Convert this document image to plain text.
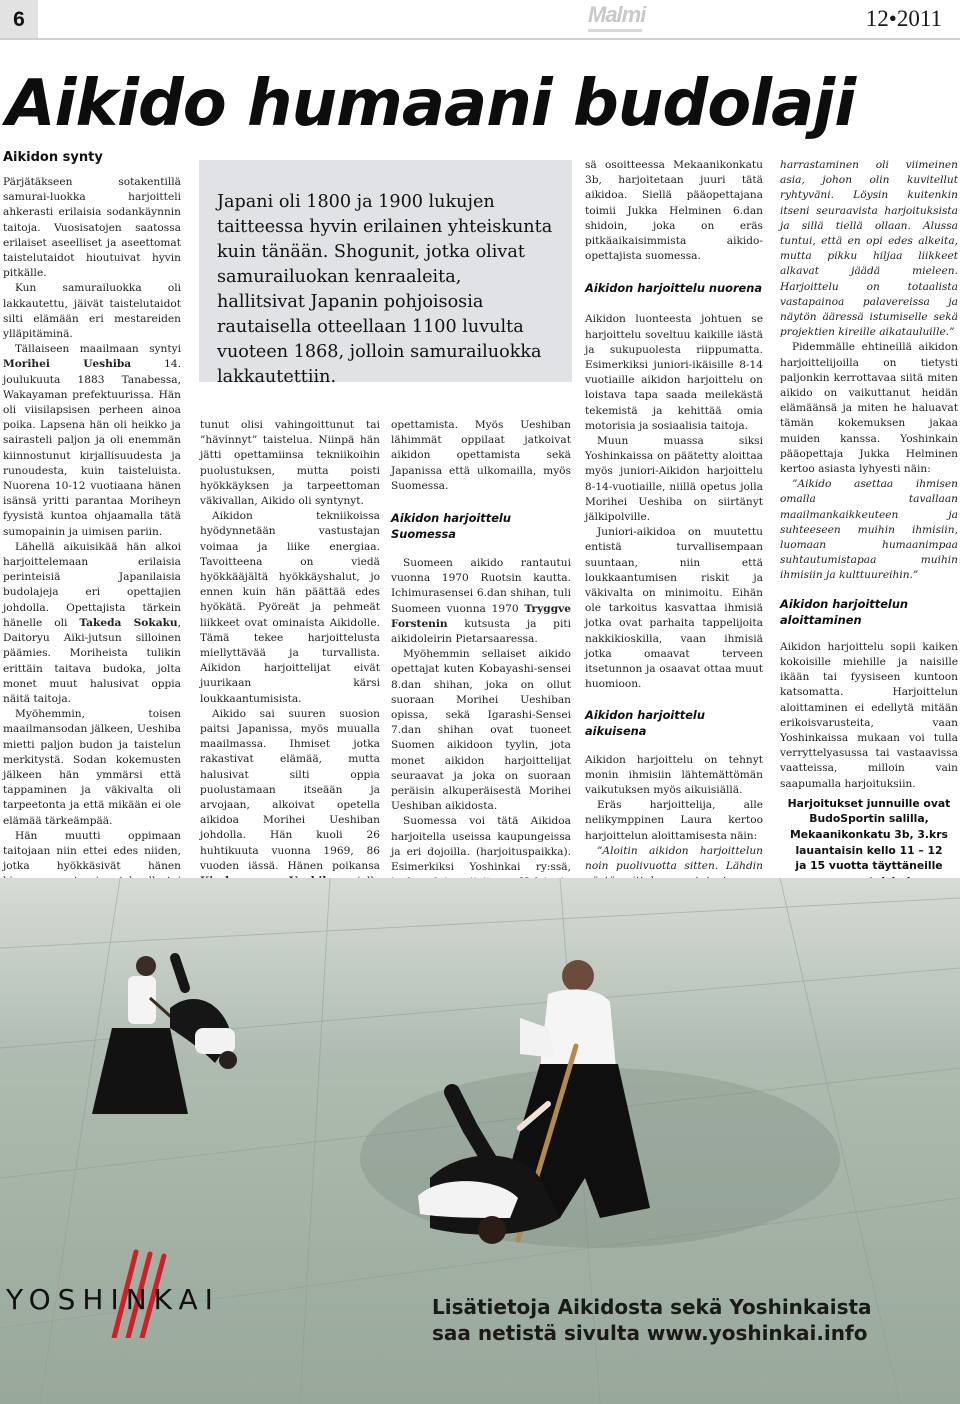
6	Malmi	12•2011
Aikido humaani budolaji
Aikidon synty

Pärjätäkseen sotakentillä samurai-luokka harjoitteli ahkerasti erilaisia sodankäynnin taitoja. Vuosisatojen saatossa erilaiset aseelliset ja aseettomat taistelutaidot hioutuivat hyvin pitkälle.

Kun samurailuokka oli lakkautettu, jäivät taistelutaidot silti elämään eri mestareiden ylläpitäminä.

Tällaiseen maailmaan syntyi Morihei Ueshiba 14. joulukuuta 1883 Tanabessa, Wakayaman prefektuurissa. Hän oli viisilapsisen perheen ainoa poika. Lapsena hän oli heikko ja sairasteli paljon ja oli enemmän kiinnostunut kirjallisuudesta ja runoudesta, kuin taisteluista. Nuorena 10-12 vuotiaana hänen isänsä yritti parantaa Moriheyn fyysistä kuntoa ohjaamalla tätä sumopainin ja uimisen pariin.

Lähellä aikuisikää hän alkoi harjoittelemaan erilaisia perinteisiä Japanilaisia budolajeja eri opettajien johdolla. Opettajista tärkein hänelle oli Takeda Sokaku, Daitoryu Aiki-jutsun silloinen päämies. Moriheista tulikin erittäin taitava budoka, jolta monet muut halusivat oppia näitä taitoja.

Myöhemmin, toisen maailmansodan jälkeen, Ueshiba mietti paljon budon ja taistelun merkitystä. Sodan kokemusten jälkeen hän ymmärsi että tappaminen ja väkivalta oli tarpeetonta ja että mikään ei ole elämää tärkeämpää.

Hän muutti oppimaan taitojaan niin ettei edes niiden, jotka hyökkäsivät hänen

Japani oli 1800 ja 1900 lukujen taitteessa hyvin erilainen yhteiskunta kuin tänään. Shogunit, jotka olivat samurailuokan kenraaleita, hallitsivat Japanin pohjoisosia rautaisella otteellaan 1100 luvulta vuoteen 1868, jolloin samurailuokka lakkautettiin.

tunut olisi vahingoittunut tai ”hävinnyt” taistelua. Niinpä hän jätti opettamiinsa tekniikoihin puolustuksen, mutta poisti hyökkäyksen ja tarpeettoman väkivallan, Aikido oli syntynyt.

Aikidon tekniikoissa hyödynnetään vastustajan voimaa ja liike energiaa. Tavoitteena on viedä hyökkääjältä hyökkäyshalut, jo ennen kuin hän päättää edes hyökätä. Pyöreät ja pehmeät liikkeet ovat ominaista Aikidolle. Tämä tekee harjoittelusta miellyttävää ja turvallista. Aikidon harjoittelijat eivät juurikaan kärsi loukkaantumisista.

Aikido sai suuren suosion paitsi Japanissa, myös muualla maailmassa. Ihmiset jotka rakastivat elämää, mutta halusivat silti oppia puolustamaan itseään ja arvojaan, alkoivat opetella aikidoa Morihei Ueshiban johdolla. Hän kuoli 26 huhtikuuta vuonna 1969, 86 vuoden iässä. Hänen poikansa

opettamista. Myös Ueshiban lähimmät oppilaat jatkoivat aikidon opettamista sekä Japanissa että ulkomailla, myös Suomessa.

Aikidon harjoittelu Suomessa

Suomeen aikido rantautui vuonna 1970 Ruotsin kautta. Ichimurasensei 6.dan shihan, tuli Suomeen vuonna 1970 Tryggve Forstenin kutsusta ja piti aikidoleirin Pietarsaaressa.

Myöhemmin sellaiset aikido opettajat kuten Kobayashi-sensei 8.dan shihan, joka on ollut suoraan Morihei Ueshiban opissa, sekä Igarashi-Sensei 7.dan shihan ovat tuoneet Suomen aikidoon tyylin, jota monet aikidon harjoittelijat seuraavat ja joka on suoraan peräisin alkuperäisestä Morihei Ueshiban aikidosta.

Suomessa voi tätä Aikidoa harjoitella useissa kaupungeissa ja eri dojoilla. (harjoituspaikka). Esimerkiksi Yoshinkai ry:ssä,

sä osoitteessa Mekaanikonkatu 3b, harjoitetaan juuri tätä aikidoa. Siellä pääopettajana toimii Jukka Helminen 6.dan shidoin, joka on eräs pitkäaikaisimmista aikido-opettajista suomessa.

Aikidon harjoittelu nuorena

Aikidon luonteesta johtuen se harjoittelu soveltuu kaikille iästä ja sukupuolesta riippumatta. Esimerkiksi juniori-ikäisille 8-14 vuotiaille aikidon harjoittelu on loistava tapa saada meilekästä tekemistä ja kehittää omia motorisia ja sosiaalisia taitoja.

Muun muassa siksi Yoshinkaissa on päätetty aloittaa myös juniori-Aikidon harjoittelu 8-14-vuotiaille, niillä opetus jolla Morihei Ueshiba on siirtänyt jälkipolville.

Juniori-aikidoa on muutettu entistä turvallisempaan suuntaan, niin että loukkaantumisen riskit ja väkivalta on minimoitu. Eihän ole tarkoitus kasvattaa ihmisiä jotka ovat parhaita tappelijoita nakkikioskilla, vaan ihmisiä jotka omaavat terveen itsetunnon ja osaavat ottaa muut huomioon.

Aikidon harjoittelu aikuisena

Aikidon harjoittelu on tehnyt monin ihmisiin lähtemättömän vaikutuksen myös aikuisiällä.

Eräs harjoittelija, alle nelikymppinen Laura kertoo harjoittelun aloittamisesta näin:

”Aloitin aikidon harjoittelun noin puolivuotta sitten. Lähdin

harrastaminen oli viimeinen asia, johon olin kuvitellut ryhtyväni. Löysin kuitenkin itseni seuraavista harjoituksista ja sillä tiellä ollaan. Alussa tuntui, että en opi edes alkeita, mutta pikku hiljaa liikkeet alkavat jäädä mieleen. Harjoittelu on totaalista vastapainoa palavereissa ja näytön ääressä istumiselle sekä projektien kireille aikatauluille.”

Pidemmälle ehtineillä aikidon harjoittelijoilla on tietysti paljonkin kerrottavaa siitä miten aikido on vaikuttanut heidän elämäänsä ja miten he haluavat tämän kokemuksen jakaa muiden kanssa. Yoshinkain pääopettaja Jukka Helminen kertoo asiasta lyhyesti näin:

”Aikido asettaa ihmisen omalla tavallaan maailmankaikkeuteen ja suhteeseen muihin ihmisiin, luomaan humaanimpaa suhtautumistapaa muihin ihmisiin ja kulttuureihin.”

Aikidon harjoittelun aloittaminen

Aikidon harjoittelu sopii kaiken kokoisille miehille ja naisille ikään tai fyysiseen kuntoon katsomatta. Harjoittelun aloittaminen ei edellytä mitään erikoisvarusteita, vaan Yoshinkaissa mukaan voi tulla verryttelyasussa tai vastaavissa vaatteissa, milloin vain saapumalla harjoituksiin.

Harjoitukset junnuille ovat
BudoSportin salilla,
Mekaanikonkatu 3b, 3.krs
lauantaisin kello 11 – 12
ja 15 vuotta täyttäneille
YOSHINKAI	Lisätietoja Aikidosta sekä Yoshinkaista
saa netistä sivulta www.yoshinkai.info
